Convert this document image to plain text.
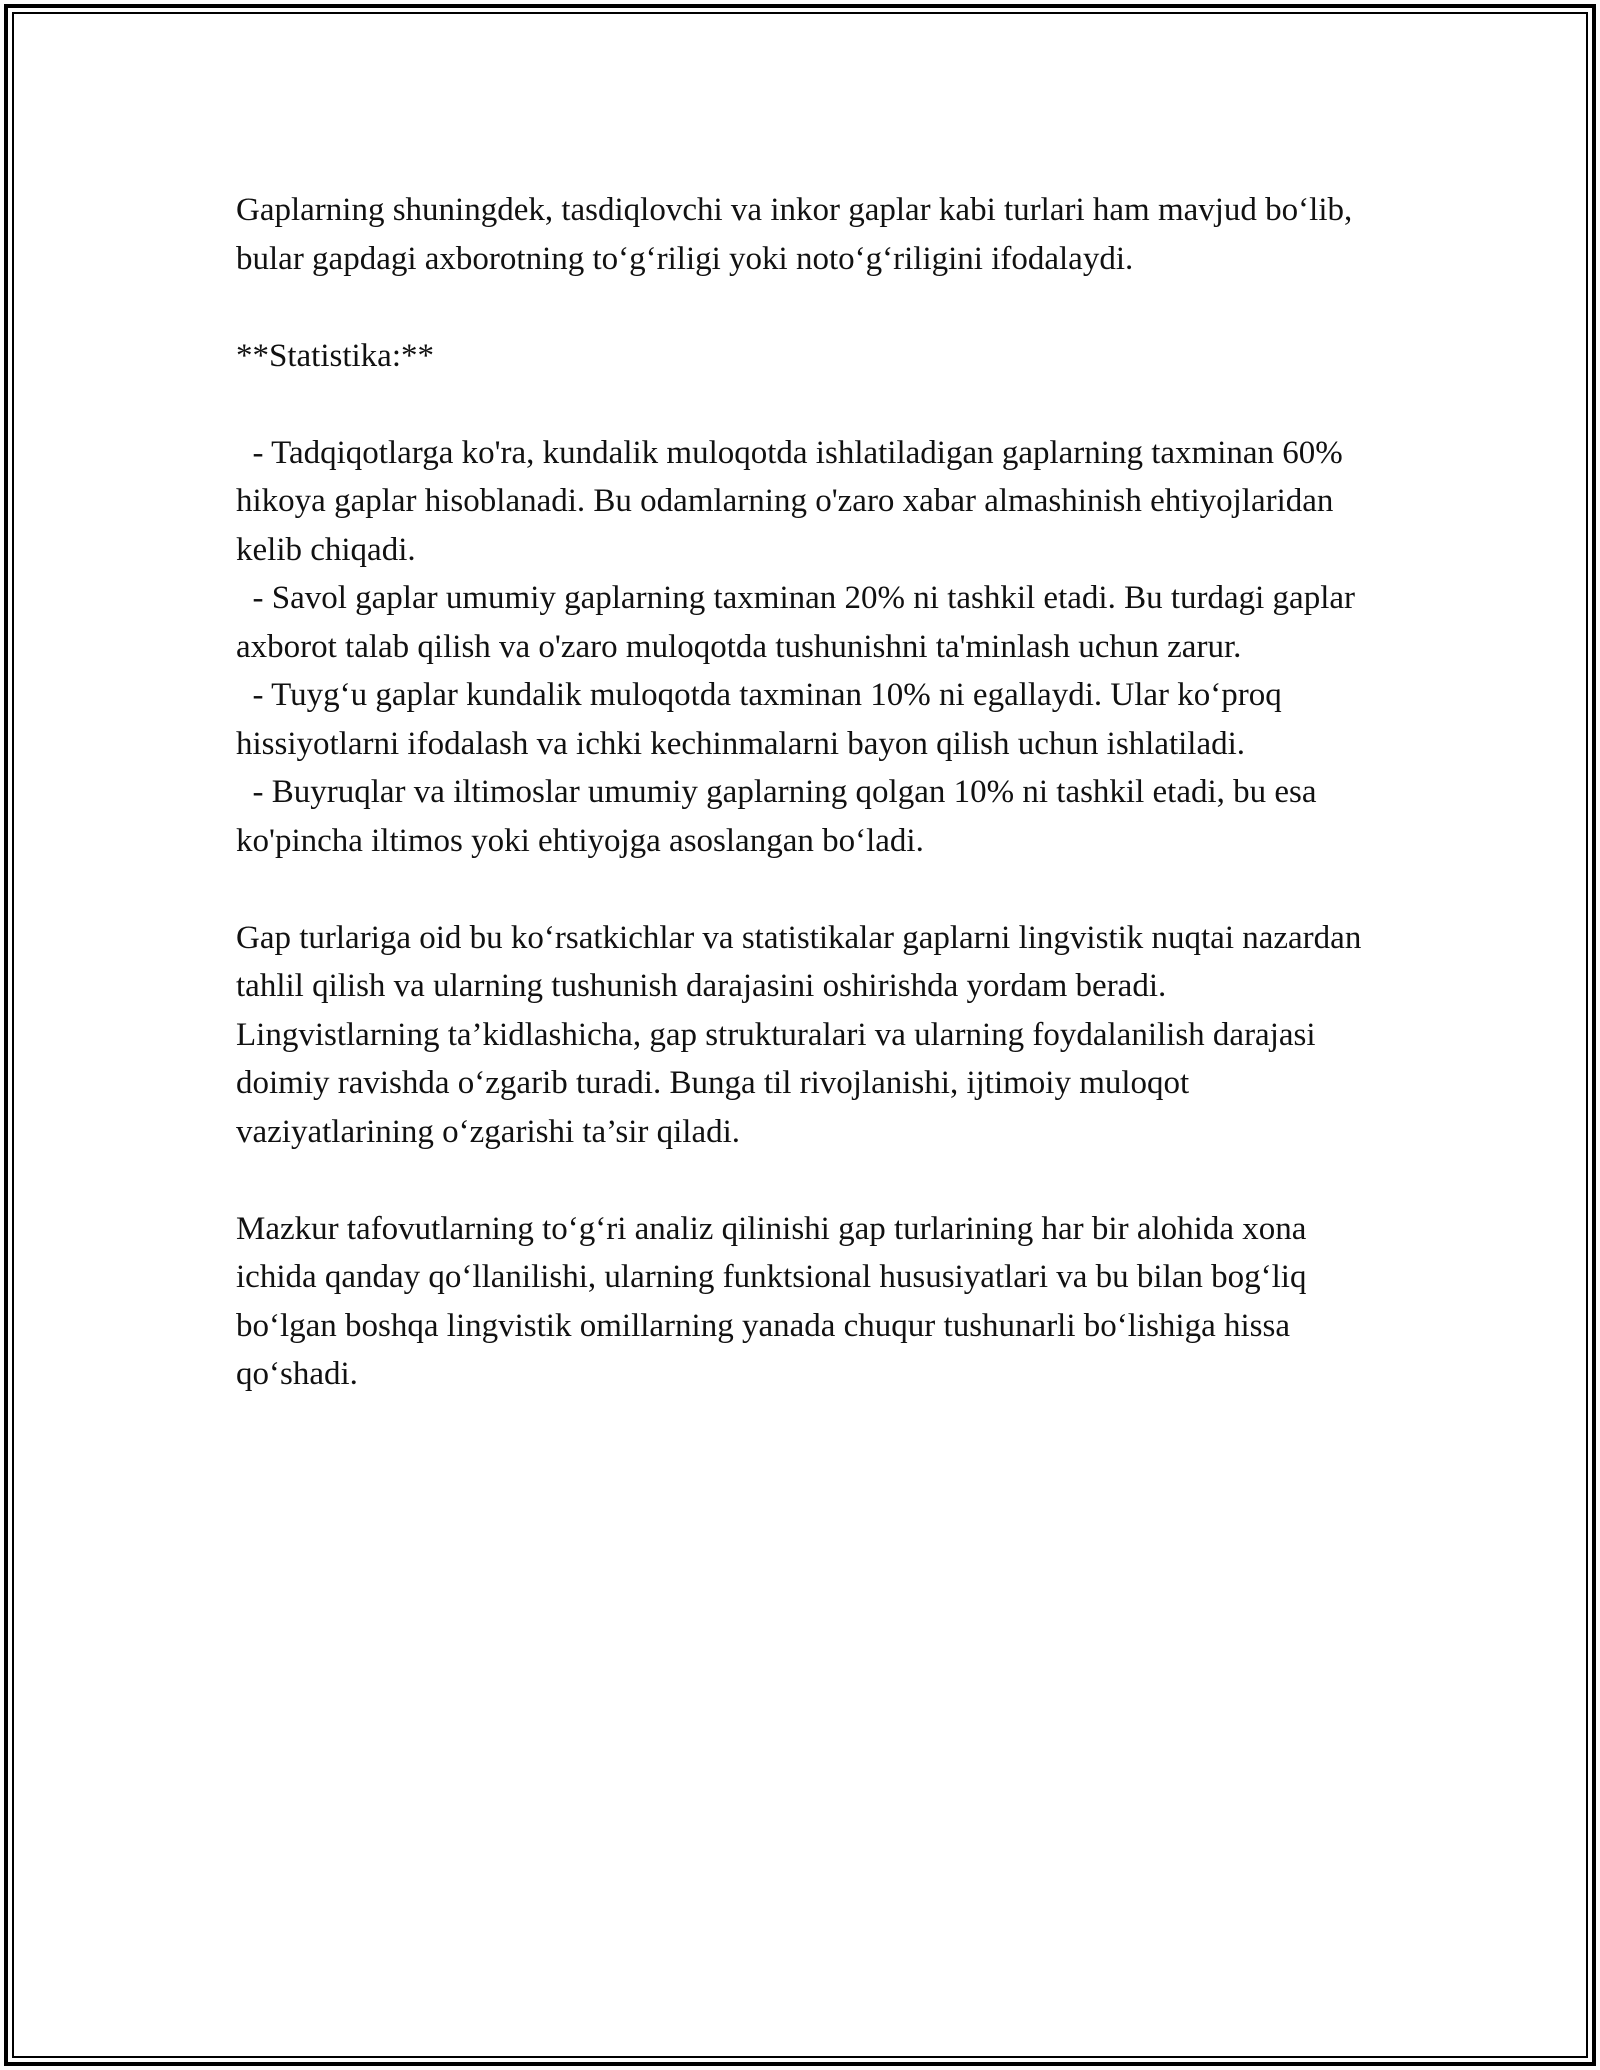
Gaplarning shuningdek, tasdiqlovchi va inkor gaplar kabi turlari ham mavjud bo‘lib, bular gapdagi axborotning to‘g‘riligi yoki noto‘g‘riligini ifodalaydi.

**Statistika:**

- Tadqiqotlarga ko'ra, kundalik muloqotda ishlatiladigan gaplarning taxminan 60% hikoya gaplar hisoblanadi. Bu odamlarning o'zaro xabar almashinish ehtiyojlaridan kelib chiqadi.

- Savol gaplar umumiy gaplarning taxminan 20% ni tashkil etadi. Bu turdagi gaplar axborot talab qilish va o'zaro muloqotda tushunishni ta'minlash uchun zarur.

- Tuyg‘u gaplar kundalik muloqotda taxminan 10% ni egallaydi. Ular ko‘proq hissiyotlarni ifodalash va ichki kechinmalarni bayon qilish uchun ishlatiladi.

- Buyruqlar va iltimoslar umumiy gaplarning qolgan 10% ni tashkil etadi, bu esa ko'pincha iltimos yoki ehtiyojga asoslangan bo‘ladi.

Gap turlariga oid bu ko‘rsatkichlar va statistikalar gaplarni lingvistik nuqtai nazardan tahlil qilish va ularning tushunish darajasini oshirishda yordam beradi. Lingvistlarning ta’kidlashicha, gap strukturalari va ularning foydalanilish darajasi doimiy ravishda o‘zgarib turadi. Bunga til rivojlanishi, ijtimoiy muloqot vaziyatlarining o‘zgarishi ta’sir qiladi.

Mazkur tafovutlarning to‘g‘ri analiz qilinishi gap turlarining har bir alohida xona ichida qanday qo‘llanilishi, ularning funktsional hususiyatlari va bu bilan bog‘liq bo‘lgan boshqa lingvistik omillarning yanada chuqur tushunarli bo‘lishiga hissa qo‘shadi.
